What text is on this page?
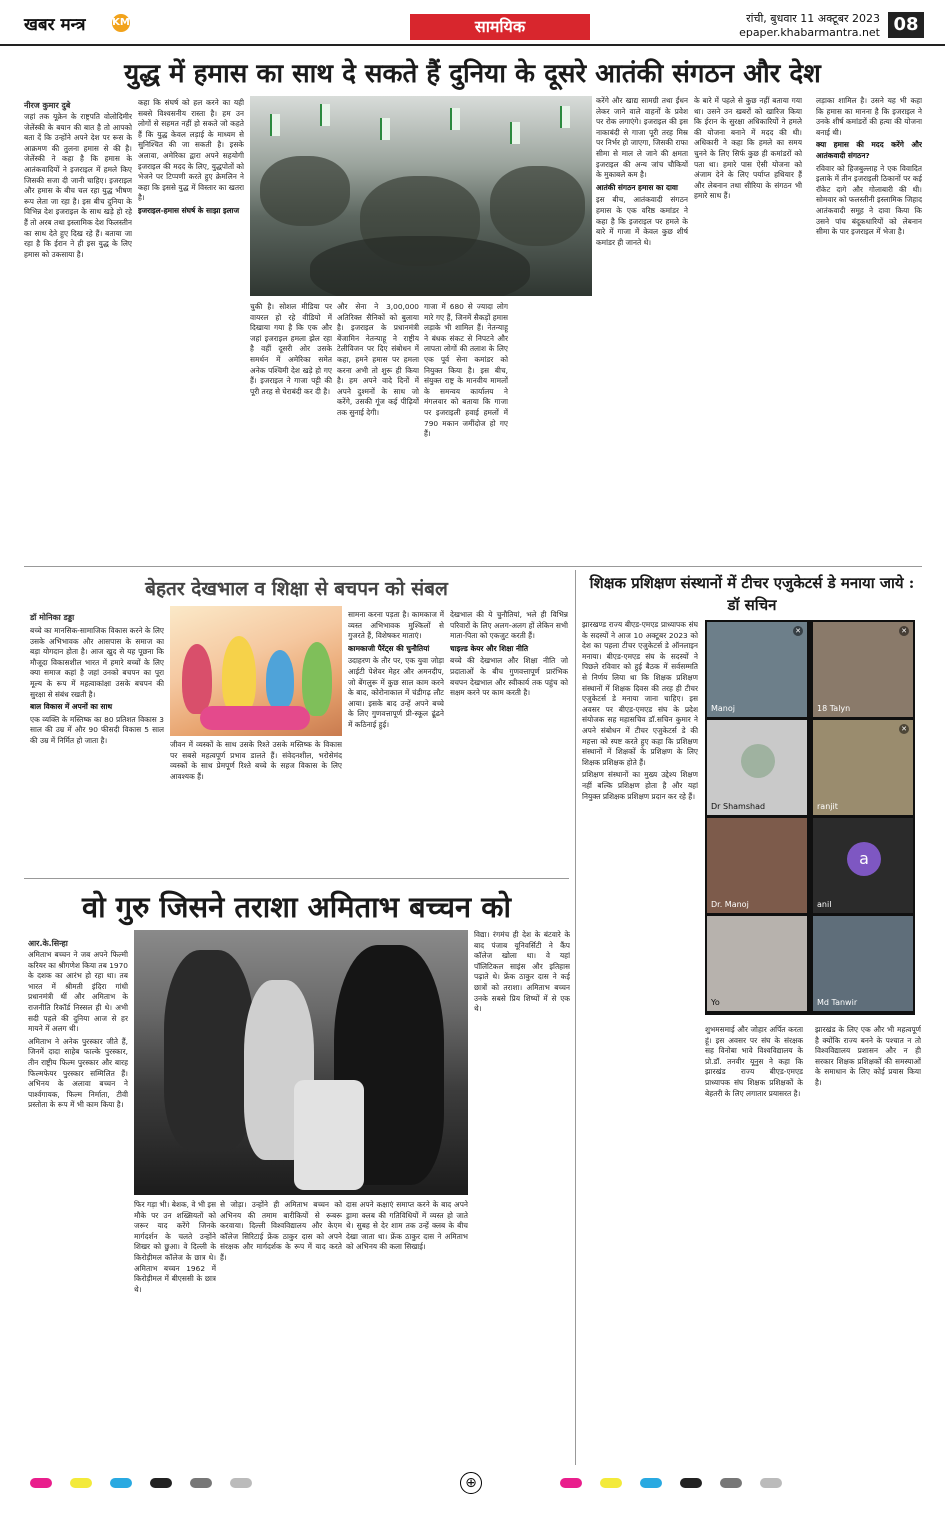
खबर मन्त्र	KM	सामयिक	रांची, बुधवार 11 अक्टूबर 2023
epaper.khabarmantra.net 08
युद्ध में हमास का साथ दे सकते हैं दुनिया के दूसरे आतंकी संगठन और देश
नीरज कुमार दुबे

जहां तक यूक्रेन के राष्ट्रपति वोलोदिमीर जेलेंस्की के बयान की बात है तो आपको बता दें कि उन्होंने अपने देश पर रूस के आक्रमण की तुलना हमास से की है। जेलेंस्की ने कहा है कि हमास के आतंकवादियों ने इजराइल में हमले किए जिसकी सजा दी जानी चाहिए। इजराइल और हमास के बीच चल रहा युद्ध भीषण रूप लेता जा रहा है। इस बीच दुनिया के विभिन्न देश इजराइल के साथ खड़े हो रहे हैं तो अरब तथा इस्लामिक देश फिलस्तीन का साथ देते हुए दिख रहे हैं। बताया जा रहा है कि ईरान ने ही इस युद्ध के लिए हमास को उकसाया है।

कहा कि संघर्ष को हल करने का यही सबसे विश्वसनीय रास्ता है। हम उन लोगों से सहमत नहीं हो सकते जो कहते हैं कि युद्ध केवल लड़ाई के माध्यम से सुनिश्चित की जा सकती है। इसके अलावा, अमेरिका द्वारा अपने सहयोगी इजराइल की मदद के लिए, युद्धपोतों को भेजने पर टिप्पणी करते हुए क्रेमलिन ने कहा कि इससे युद्ध में विस्तार का खतरा है।

इजराइल-हमास संघर्ष के साझा इलाज

चुकी है। सोशल मीडिया पर वायरल हो रहे वीडियो में दिखाया गया है कि एक और जहां इजराइल हमला झेल रहा है वहीं दूसरी ओर उसके समर्थन में अमेरिका समेत अनेक पश्चिमी देश खड़े हो गए हैं। इजराइल ने गाजा पट्टी की पूरी तरह से घेराबंदी कर दी है।

और सेना ने 3,00,000 अतिरिक्त सैनिकों को बुलाया है। इजराइल के प्रधानमंत्री बेंजामिन नेतन्याहू ने राष्ट्रीय टेलीविजन पर दिए संबोधन में कहा, हमने हमास पर हमला करना अभी तो शुरू ही किया है। हम अपने वादे दिनों में अपने दुश्मनों के साथ जो करेंगे, उसकी गूंज कई पीढ़ियों तक सुनाई देगी।

गाजा में 680 से ज्यादा लोग मारे गए हैं, जिनमें सैकड़ों हमास लड़ाके भी शामिल हैं। नेतन्याहू ने बंधक संकट से निपटने और लापता लोगों की तलाश के लिए एक पूर्व सेना कमांडर को नियुक्त किया है। इस बीच, संयुक्त राष्ट्र के मानवीय मामलों के समन्वय कार्यालय ने मंगलवार को बताया कि गाजा पर इजराइली हवाई हमलों में 790 मकान जमींदोज हो गए हैं।

करेंगे और खाद्य सामग्री तथा ईंधन लेकर जाने वाले वाहनों के प्रवेश पर रोक लगाएंगे। इजराइल की इस नाकाबंदी से गाजा पूरी तरह मिस्र पर निर्भर हो जाएगा, जिसकी राफा सीमा से माल ले जाने की क्षमता इजराइल की अन्य जांच चौकियों के मुकाबले कम है।

आतंकी संगठन हमास का दावा

इस बीच, आतंकवादी संगठन हमास के एक वरिष्ठ कमांडर ने कहा है कि इजराइल पर हमले के बारे में गाजा में केवल कुछ शीर्ष कमांडर ही जानते थे।

के बारे में पहले से कुछ नहीं बताया गया था। उसने उन खबरों को खारिज किया कि ईरान के सुरक्षा अधिकारियों ने हमले की योजना बनाने में मदद की थी। अधिकारी ने कहा कि हमले का समय चुनने के लिए सिर्फ कुछ ही कमांडरों को पता था। हमारे पास ऐसी योजना को अंजाम देने के लिए पर्याप्त हथियार हैं और लेबनान तथा सीरिया के संगठन भी हमारे साथ हैं।

लड़ाका शामिल है। उसने यह भी कहा कि हमास का मानना है कि इजराइल ने उनके शीर्ष कमांडरों की हत्या की योजना बनाई थी।

क्या हमास की मदद करेंगे और आतंकवादी संगठन?

रविवार को हिजबुल्लाह ने एक विवादित इलाके में तीन इजराइली ठिकानों पर कई रॉकेट दागे और गोलाबारी की थी। सोमवार को फलस्तीनी इस्लामिक जिहाद आतंकवादी समूह ने दावा किया कि उसने पांच बंदूकधारियों को लेबनान सीमा के पार इजराइल में भेजा है।

बेहतर देखभाल व शिक्षा से बचपन को संबल
डॉ मोनिका डड्डा

बच्चे का मानसिक-सामाजिक विकास करने के लिए उसके अभिभावक और आसपास के समाज का बड़ा योगदान होता है। आज खुद से यह पूछना कि मौजूदा विकासशील भारत में हमारे बच्चों के लिए क्या समाज कहां है जहां उनको बचपन का पूरा मूल्य के रूप में महत्वाकांक्षा उसके बचपन की सुरक्षा से संबंध रखती है।

बाल विकास में अपनों का साथ

एक व्यक्ति के मस्तिष्क का 80 प्रतिशत विकास 3 साल की उम्र में और 90 फीसदी विकास 5 साल की उम्र में निर्मित हो जाता है।	जीवन में व्यस्कों के साथ उसके रिश्ते उसके मस्तिष्क के विकास पर सबसे महत्वपूर्ण प्रभाव डालते हैं। संवेदनशील, भरोसेमंद व्यस्कों के साथ प्रेमपूर्ण रिश्ते बच्चे के सहज विकास के लिए आवश्यक हैं।

सामना करना पड़ता है। कामकाज में व्यस्त अभिभावक मुश्किलों से गुजरते हैं, विशेषकर माताएं।

कामकाजी पैरेंट्स की चुनौतियां

उदाहरण के तौर पर, एक युवा जोड़ा आईटी पेशेवर मेहर और अमनदीप, जो बेंगलुरू में कुछ साल काम करने के बाद, कोरोनाकाल में चंडीगढ़ लौट आया। इसके बाद उन्हें अपने बच्चे के लिए गुणवत्तापूर्ण प्री-स्कूल ढूंढने में कठिनाई हुई।

देखभाल की ये चुनौतियां, भले ही विभिन्न परिवारों के लिए अलग-अलग हों लेकिन सभी माता-पिता को एकजुट करती हैं।

चाइल्ड केयर और शिक्षा नीति

बच्चे की देखभाल और शिक्षा नीति जो प्रदाताओं के बीच गुणवत्तापूर्ण प्रारंभिक बचपन देखभाल और स्वीकार्य तक पहुंच को सक्षम करने पर काम करती है।

शिक्षक प्रशिक्षण संस्थानों में टीचर एजुकेटर्स डे मनाया जाये : डॉ सचिन

झारखण्ड राज्य बीएड-एमएड प्राध्यापक संघ के सदस्यों ने आज 10 अक्टूबर 2023 को देश का पहला टीचर एजुकेटर्स डे ऑनलाइन मनाया। बीएड-एमएड संघ के सदस्यों ने पिछले रविवार को हुई बैठक में सर्वसम्मति से निर्णय लिया था कि शिक्षक प्रशिक्षण संस्थानों में शिक्षक दिवस की तरह ही टीचर एजुकेटर्स डे मनाया जाना चाहिए। इस अवसर पर बीएड-एमएड संघ के प्रदेश संयोजक सह महासचिव डॉ.सचिन कुमार ने अपने संबोधन में टीचर एजुकेटर्स डे की महत्ता को स्पष्ट करते हुए कहा कि प्रशिक्षण संस्थानों में शिक्षकों के प्रशिक्षण के लिए शिक्षक प्रशिक्षक होते हैं।

प्रशिक्षण संस्थानों का मुख्य उद्देश्य शिक्षण नहीं बल्कि प्रशिक्षण होता है और यहां नियुक्त प्रशिक्षक प्रशिक्षण प्रदान कर रहे हैं।

✕
Manoj
✕
18 Talyn
Dr Shamshad
✕
ranjit
Dr. Manoj
a
anil
Yo	Md Tanwir

शुभमसमाई और जोहार अर्पित करता हूं। इस अवसर पर संघ के संरक्षक सह विनोबा भावे विश्वविद्यालय के प्रो.डॉ. तनवीर यूनुस ने कहा कि झारखंड राज्य बीएड-एमएड प्राध्यापक संघ शिक्षक प्रशिक्षकों के बेहतरी के लिए लगातार प्रयासरत है।

झारखंड के लिए एक और भी महत्वपूर्ण है क्योंकि राज्य बनने के पश्चात न तो विश्वविद्यालय प्रशासन और न ही सरकार शिक्षक प्रशिक्षकों की समस्याओं के समाधान के लिए कोई प्रयास किया है।

वो गुरु जिसने तराशा अमिताभ बच्चन को
आर.के.सिन्हा

अमिताभ बच्चन ने जब अपने फिल्मी करियर का श्रीगणेश किया तब 1970 के दशक का आरंभ हो रहा था। तब भारत में श्रीमती इंदिरा गांधी प्रधानमंत्री थीं और अमिताभ के राजनीति रिकॉर्ड निस्सल ही थे। अभी सदी पहले की दुनिया आज से हर मायने में अलग थी।

अमिताभ ने अनेक पुरस्कार जीते हैं, जिनमें दादा साहेब फाल्के पुरस्कार, तीन राष्ट्रीय फिल्म पुरस्कार और बारह फिल्मफेयर पुरस्कार सम्मिलित हैं। अभिनय के अलावा बच्चन ने पार्श्वगायक, फिल्म निर्माता, टीवी प्रस्तोता के रूप में भी काम किया है।

फिर गड़ा भी। बेशक, वे भी इस मौके पर उन शख्सियतों को जरूर याद करेंगे जिनके मार्गदर्शन के चलते उन्होंने शिखर को छुआ। वे दिल्ली के किरोड़ीमल कॉलेज के छात्र थे। अमिताभ बच्चन 1962 में किरोड़ीमल में बीएससी के छात्र थे।

से जोड़ा। उन्होंने ही अमिताभ बच्चन को अभिनय की तमाम बारीकियों से रूबरू करवाया। दिल्ली विश्वविद्यालय और केएम कॉलेज सिरिटाई फ्रेंक ठाकुर दास को अपने संरक्षक और मार्गदर्शक के रूप में याद करते हैं।

दास अपने कक्षाएं समाप्त करने के बाद अपने ड्रामा क्लब की गतिविधियों में व्यस्त हो जाते थे। सुबह से देर शाम तक उन्हें क्लब के बीच देखा जाता था। फ्रेंक ठाकुर दास ने अमिताभ को अभिनय की कला सिखाई।

विद्या। रंगमंच ही देश के बंटवारे के बाद पंजाब यूनिवर्सिटी ने कैंप कॉलेज खोला था। वे यहां पॉलिटिकल साइंस और इतिहास पढ़ाते थे। फ्रेंक ठाकुर दास ने कई छात्रों को तराशा। अमिताभ बच्चन उनके सबसे प्रिय शिष्यों में से एक थे।

⊕
